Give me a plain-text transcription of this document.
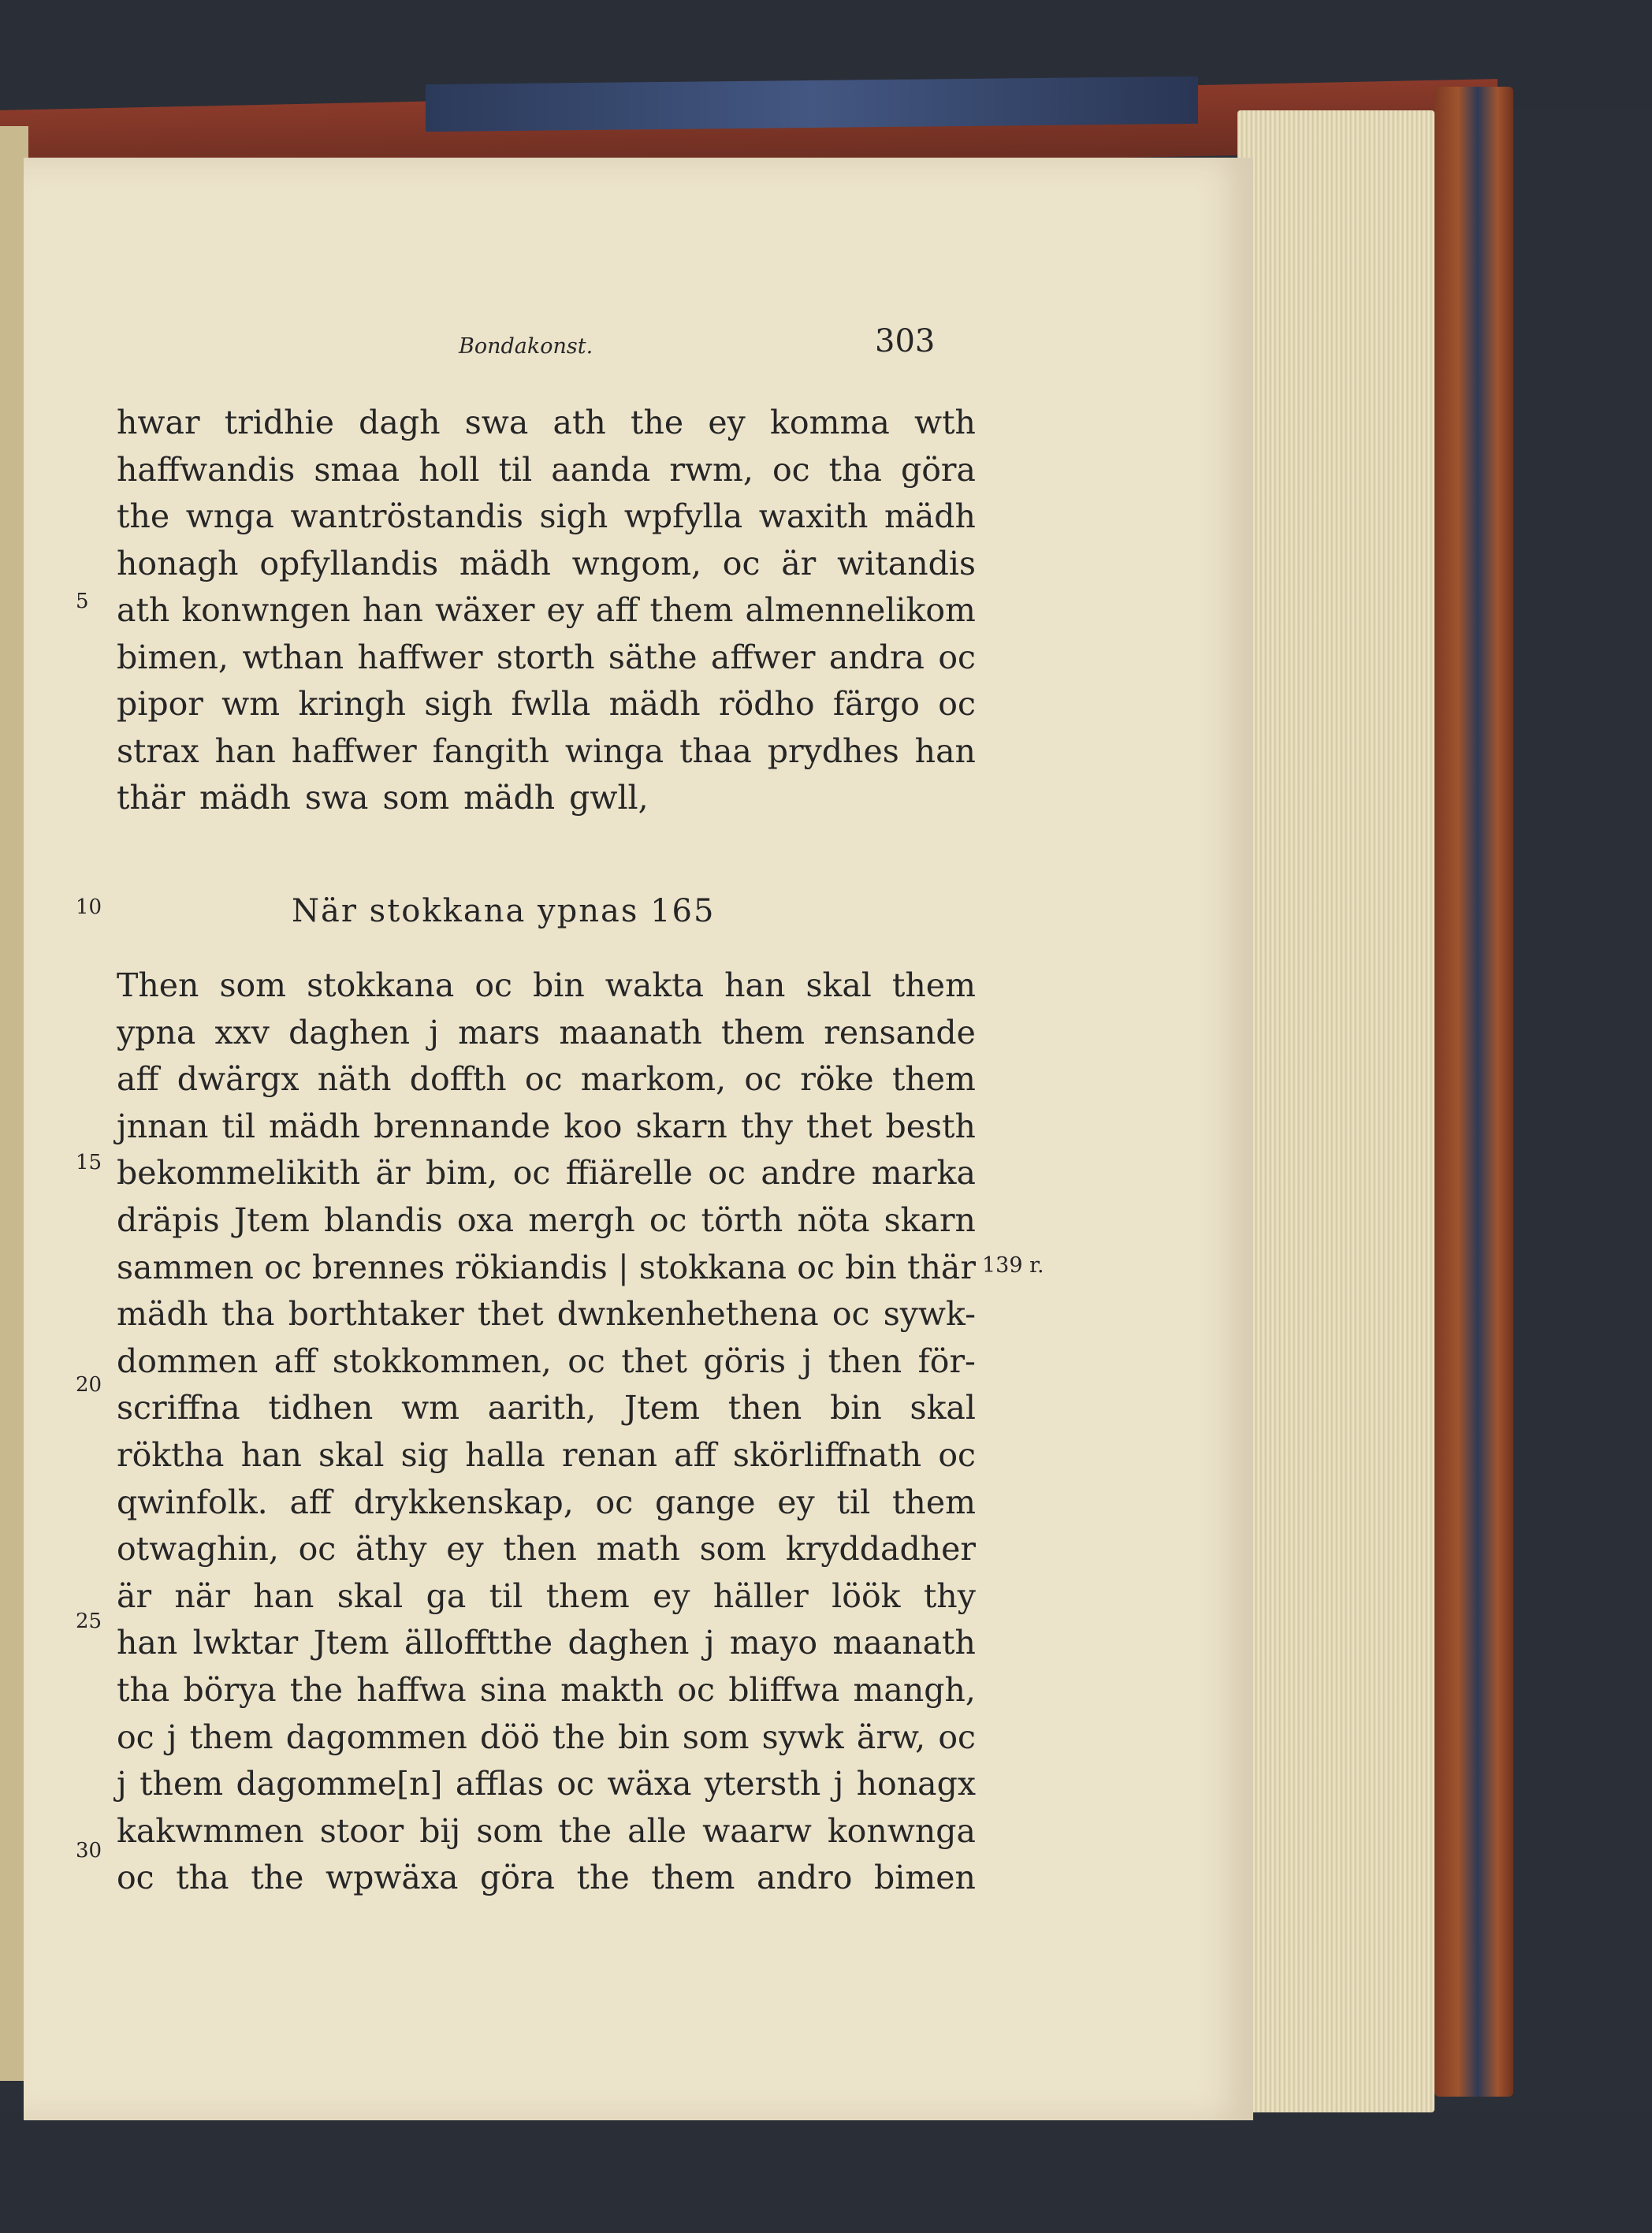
Bondakonst.	303
hwar tridhie dagh swa ath the ey komma wth
haffwandis smaa holl til aanda rwm, oc tha göra
the wnga wantröstandis sigh wpfylla waxith mädh
honagh opfyllandis mädh wngom, oc är witandis
ath konwngen han wäxer ey aff them almennelikom
bimen, wthan haffwer storth säthe affwer andra oc
pipor wm kringh sigh fwlla mädh rödho färgo oc
strax han haffwer fangith winga thaa prydhes han
thär mädh swa som mädh gwll,
Then som stokkana oc bin wakta han skal them
ypna xxv daghen j mars maanath them rensande
aff dwärgx näth doffth oc markom, oc röke them
jnnan til mädh brennande koo skarn thy thet besth
bekommelikith är bim, oc ffiärelle oc andre marka
dräpis Jtem blandis oxa mergh oc törth nöta skarn
sammen oc brennes rökiandis | stokkana oc bin thär
mädh tha borthtaker thet dwnkenhethena oc sywk-
dommen aff stokkommen, oc thet göris j then för-
scriffna tidhen wm aarith, Jtem then bin skal
röktha han skal sig halla renan aff skörliffnath oc
qwinfolk. aff drykkenskap, oc gange ey til them
otwaghin, oc äthy ey then math som kryddadher
är när han skal ga til them ey häller löök thy
han lwktar Jtem ällofftthe daghen j mayo maanath
tha börya the haffwa sina makth oc bliffwa mangh,
oc j them dagommen döö the bin som sywk ärw, oc
j them dagomme[n] afflas oc wäxa ytersth j honagx
kakwmmen stoor bij som the alle waarw konwnga
oc tha the wpwäxa göra the them andro bimen
När stokkana ypnas 165
139 r.
5
10
15
20
25
30
